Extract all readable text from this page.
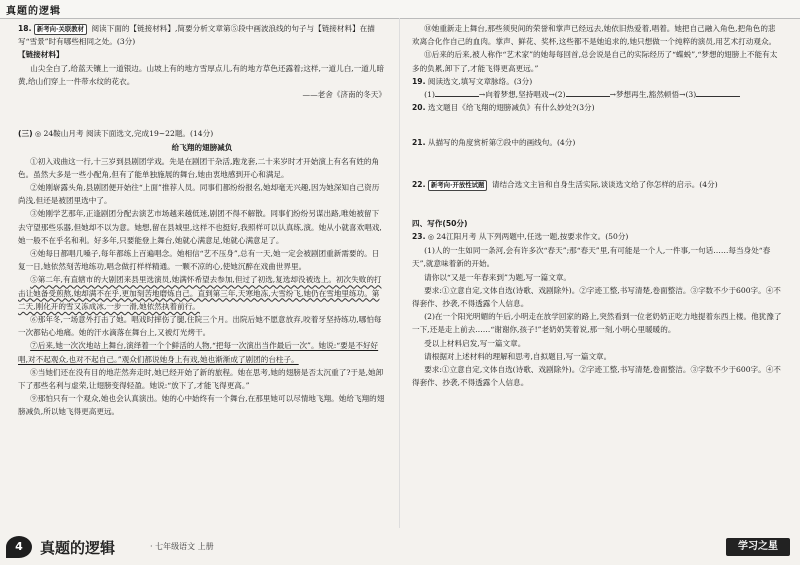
真题的逻辑

18. 新考向·关联教材 阅读下面的【链接材料】,简要分析文章第⑤段中画波浪线的句子与【链接材料】在描写“雪景”时有哪些相同之处。(3分)

【链接材料】

山尖全白了,给蓝天镶上一道银边。山坡上有的地方雪厚点儿,有的地方草色还露着;这样,一道儿白,一道儿暗黄,给山们穿上一件带水纹的花衣。

——老舍《济南的冬天》

(三) ◎ 24鞍山月考 阅读下面选文,完成19~22题。(14分)

给飞翔的翅膀减负

①初入戏曲这一行,十三岁到县剧团学戏。先是在剧团干杂活,跑龙套,二十来岁时才开始演上有名有姓的角色。虽然大多是一些小配角,但有了能单独施展的舞台,她由衷地感到开心和满足。

②她刚崭露头角,县剧团便开始往“上面”推荐人员。同事们都纷纷报名,她却毫无兴趣,因为她深知自己资历尚浅,但还是被团里选中了。

③她刚学艺那年,正逢剧团分配去演艺市场越来越低迷,剧团不得不解散。同事们纷纷另谋出路,唯她被留下去守望那些乐器,但她却不以为意。她想,留在县城里,这样不也挺好,我照样可以认真练,演。她从小就喜欢唱戏,她一般不在乎名和利。好多年,只要能登上舞台,她就心满意足,她就心满意足了。

④她每日都唱几嗓子,每年都练上百遍唱念。她相信“艺不压身”,总有一天,她一定会被剧团重新需要的。日复一日,她依然刻苦地练功,唱念做打样样精通。一颗不凉的心,使她沉醉在戏曲世界里。

⑤第二年,有直辖市的大剧团来县里选演员,她满怀希望去参加,但过了初选,复选却没被选上。初次失败的打击让她备受煎熬,她却满不在乎,更加刻苦地磨炼自己。直到第三年,天寒地冻,大雪纷飞,她仍在雪地里练功。第二天,刚化开的雪又冻成冰,一步一滑,她依然执着前行。

⑥那年冬,一场意外打击了她。唱戏时摔伤了腿,住院三个月。出院后她不愿意放弃,咬着牙坚持练功,哪怕每一次都钻心地痛。她的汗水滴落在舞台上,又被灯光烤干。

⑦后来,她一次次地站上舞台,演绎着一个个鲜活的人物,“把每一次演出当作最后一次”。她说:“要是不好好唱,对不起观众,也对不起自己。”观众们都说她身上有戏,她也渐渐成了剧团的台柱子。

⑧当她们还在没有目的地茫然奔走时,她已经开始了新的旅程。她在思考,她的翅膀是否太沉重了?于是,她卸下了那些名利与虚荣,让翅膀变得轻盈。她说:“放下了,才能飞得更高。”

⑨那怕只有一个观众,她也会认真演出。她的心中始终有一个舞台,在那里她可以尽情地飞翔。她给飞翔的翅膀减负,所以她飞得更高更远。

⑩她重新走上舞台,那些须臾间的荣誉和掌声已经远去,她依旧热爱着,唱着。她把自己融入角色,把角色的悲欢离合化作自己的血肉。掌声、鲜花、奖杯,这些都不是她追求的,她只想做一个纯粹的演员,用艺术打动观众。

⑪后来的后来,被人称作“艺术家”的她每每回首,总会说是自己的实际经历了“蝶蜕”,“梦想的翅膀上不能有太多的负累,卸下了,才能飞得更高更远。”

19. 阅读选文,填写文章脉络。(3分)

(1)	→向着梦想,坚持唱戏→(2)	→梦想再生,豁然顿悟→(3)

20. 选文题目《给飞翔的翅膀减负》有什么妙处?(3分)

21. 从描写的角度赏析第⑦段中的画线句。(4分)

22. 新考向·开放性试题 请结合选文主旨和自身生活实际,谈谈选文给了你怎样的启示。(4分)

四、写作(50分)

23. ◎ 24江阳月考 从下列两题中,任选一题,按要求作文。(50分)

(1)人的一生如同一条河,会有许多次“春天”;那“春天”里,有可能是一个人,一件事,一句话……每当身处“春天”,就意味着新的开始。

请你以“又是一年春来到”为题,写一篇文章。

要求:①立意自定,文体自选(诗歌、戏剧除外)。②字迹工整,书写清楚,卷面整洁。③字数不少于600字。④不得套作、抄袭,不得透露个人信息。

(2)在一个阳光明媚的午后,小明走在放学回家的路上,突然看到一位老奶奶正吃力地提着东西上楼。他犹豫了一下,还是走上前去……“谢谢你,孩子!”老奶奶笑着说,那一刻,小明心里暖暖的。

受以上材料启发,写一篇文章。

请根据对上述材料的理解和思考,自拟题目,写一篇文章。

要求:①立意自定,文体自选(诗歌、戏剧除外)。②字迹工整,书写清楚,卷面整洁。③字数不少于600字。④不得套作、抄袭,不得透露个人信息。

4	真题的逻辑	· 七年级语文 上册	学习之星
